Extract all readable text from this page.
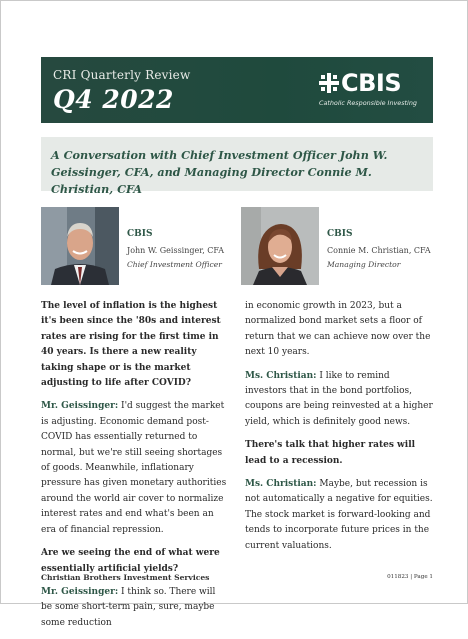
CRI Quarterly Review
Q4 2022
CBIS
Catholic Responsible Investing

A Conversation with Chief Investment Officer John W. Geissinger, CFA, and Managing Director Connie M. Christian, CFA

CBIS
John W. Geissinger, CFA
Chief Investment Officer
CBIS
Connie M. Christian, CFA
Managing Director

The level of inflation is the highest it's been since the '80s and interest rates are rising for the first time in 40 years. Is there a new reality taking shape or is the market adjusting to life after COVID?

Mr. Geissinger: I'd suggest the market is adjusting. Economic demand post-COVID has essentially returned to normal, but we're still seeing shortages of goods. Meanwhile, inflationary pressure has given monetary authorities around the world air cover to normalize interest rates and end what's been an era of financial repression.

Are we seeing the end of what were essentially artificial yields?

Mr. Geissinger: I think so. There will be some short-term pain, sure, maybe some reduction

in economic growth in 2023, but a normalized bond market sets a floor of return that we can achieve now over the next 10 years.

Ms. Christian: I like to remind investors that in the bond portfolios, coupons are being reinvested at a higher yield, which is definitely good news.

There's talk that higher rates will lead to a recession.

Ms. Christian: Maybe, but recession is not automatically a negative for equities. The stock market is forward-looking and tends to incorporate future prices in the current valuations.

Christian Brothers Investment Services	011823 | Page 1
